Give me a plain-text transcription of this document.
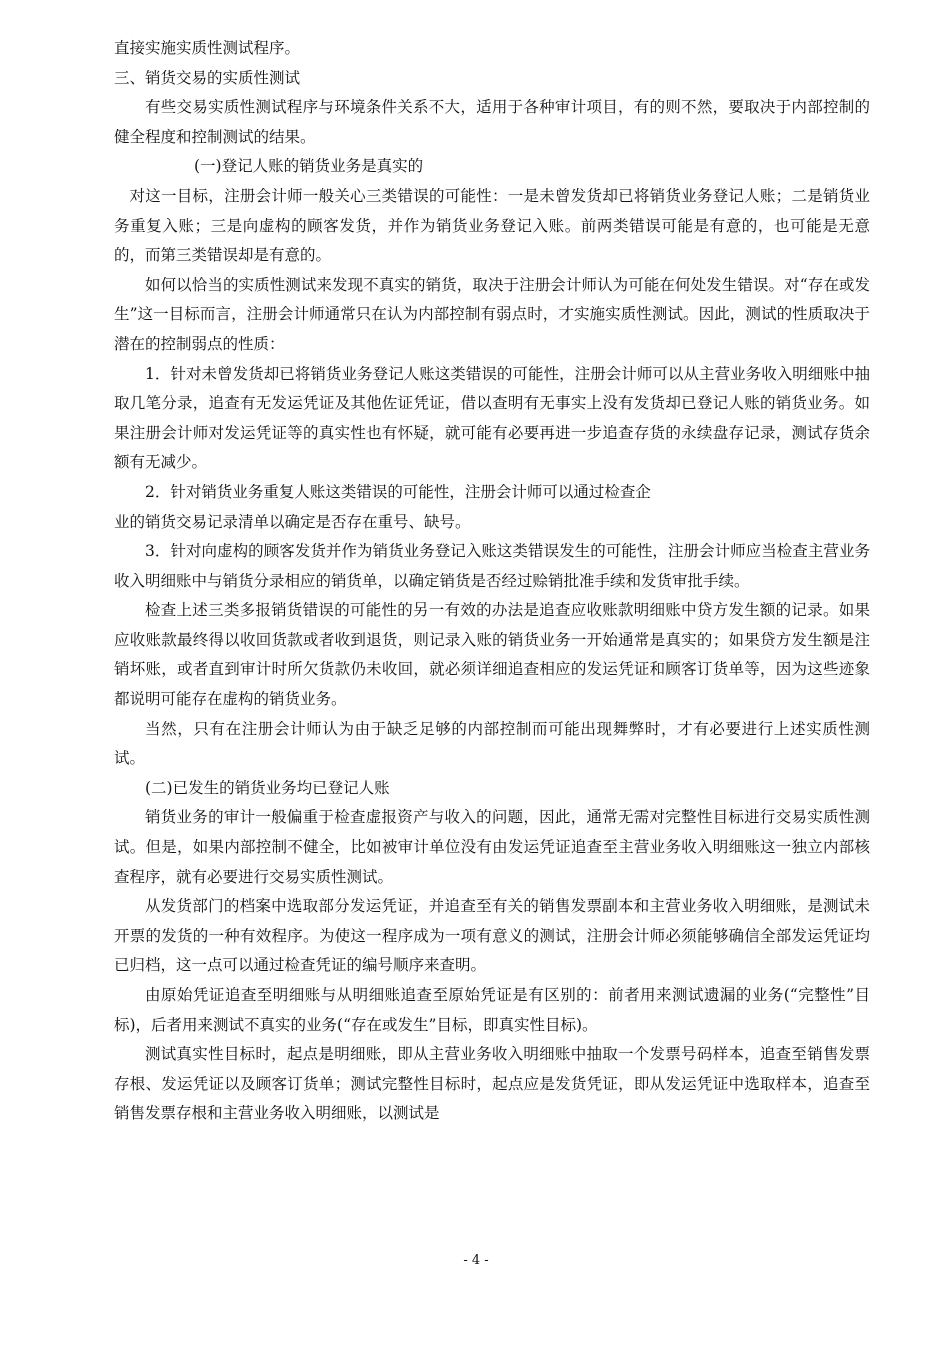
直接实施实质性测试程序。

三、销货交易的实质性测试

有些交易实质性测试程序与环境条件关系不大，适用于各种审计项目，有的则不然，要取决于内部控制的健全程度和控制测试的结果。

(一)登记人账的销货业务是真实的

对这一目标，注册会计师一般关心三类错误的可能性：一是未曾发货却已将销货业务登记人账；二是销货业务重复入账；三是向虚构的顾客发货，并作为销货业务登记入账。前两类错误可能是有意的，也可能是无意的，而第三类错误却是有意的。

如何以恰当的实质性测试来发现不真实的销货，取决于注册会计师认为可能在何处发生错误。对“存在或发生”这一目标而言，注册会计师通常只在认为内部控制有弱点时，才实施实质性测试。因此，测试的性质取决于潜在的控制弱点的性质：

1．针对未曾发货却已将销货业务登记人账这类错误的可能性，注册会计师可以从主营业务收入明细账中抽取几笔分录，追查有无发运凭证及其他佐证凭证，借以查明有无事实上没有发货却已登记人账的销货业务。如果注册会计师对发运凭证等的真实性也有怀疑，就可能有必要再进一步追查存货的永续盘存记录，测试存货余额有无减少。

2．针对销货业务重复人账这类错误的可能性，注册会计师可以通过检查企

业的销货交易记录清单以确定是否存在重号、缺号。

3．针对向虚构的顾客发货并作为销货业务登记入账这类错误发生的可能性，注册会计师应当检查主营业务收入明细账中与销货分录相应的销货单，以确定销货是否经过赊销批准手续和发货审批手续。

检查上述三类多报销货错误的可能性的另一有效的办法是追查应收账款明细账中贷方发生额的记录。如果应收账款最终得以收回货款或者收到退货，则记录入账的销货业务一开始通常是真实的；如果贷方发生额是注销坏账，或者直到审计时所欠货款仍未收回，就必须详细追查相应的发运凭证和顾客订货单等，因为这些迹象都说明可能存在虚构的销货业务。

当然，只有在注册会计师认为由于缺乏足够的内部控制而可能出现舞弊时，才有必要进行上述实质性测试。

(二)已发生的销货业务均已登记人账

销货业务的审计一般偏重于检查虚报资产与收入的问题，因此，通常无需对完整性目标进行交易实质性测试。但是，如果内部控制不健全，比如被审计单位没有由发运凭证追查至主营业务收入明细账这一独立内部核查程序，就有必要进行交易实质性测试。

从发货部门的档案中选取部分发运凭证，并追查至有关的销售发票副本和主营业务收入明细账，是测试未开票的发货的一种有效程序。为使这一程序成为一项有意义的测试，注册会计师必须能够确信全部发运凭证均已归档，这一点可以通过检查凭证的编号顺序来查明。

由原始凭证追查至明细账与从明细账追查至原始凭证是有区别的：前者用来测试遗漏的业务(“完整性”目标)，后者用来测试不真实的业务(“存在或发生”目标，即真实性目标)。

测试真实性目标时，起点是明细账，即从主营业务收入明细账中抽取一个发票号码样本，追查至销售发票存根、发运凭证以及顾客订货单；测试完整性目标时，起点应是发货凭证，即从发运凭证中选取样本，追查至销售发票存根和主营业务收入明细账，以测试是

- 4 -
